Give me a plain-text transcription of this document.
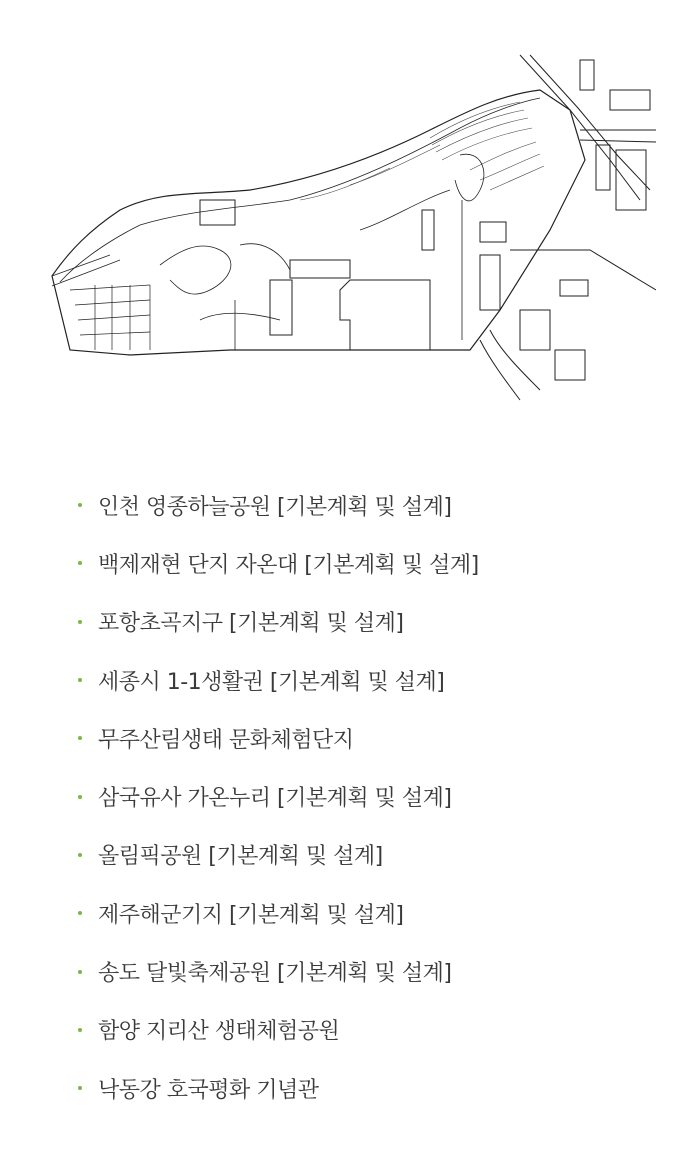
인천 영종하늘공원 [기본계획 및 설계]
백제재현 단지 자온대 [기본계획 및 설계]
포항초곡지구 [기본계획 및 설계]
세종시 1-1생활권 [기본계획 및 설계]
무주산림생태 문화체험단지
삼국유사 가온누리 [기본계획 및 설계]
올림픽공원 [기본계획 및 설계]
제주해군기지 [기본계획 및 설계]
송도 달빛축제공원 [기본계획 및 설계]
함양 지리산 생태체험공원
낙동강 호국평화 기념관
